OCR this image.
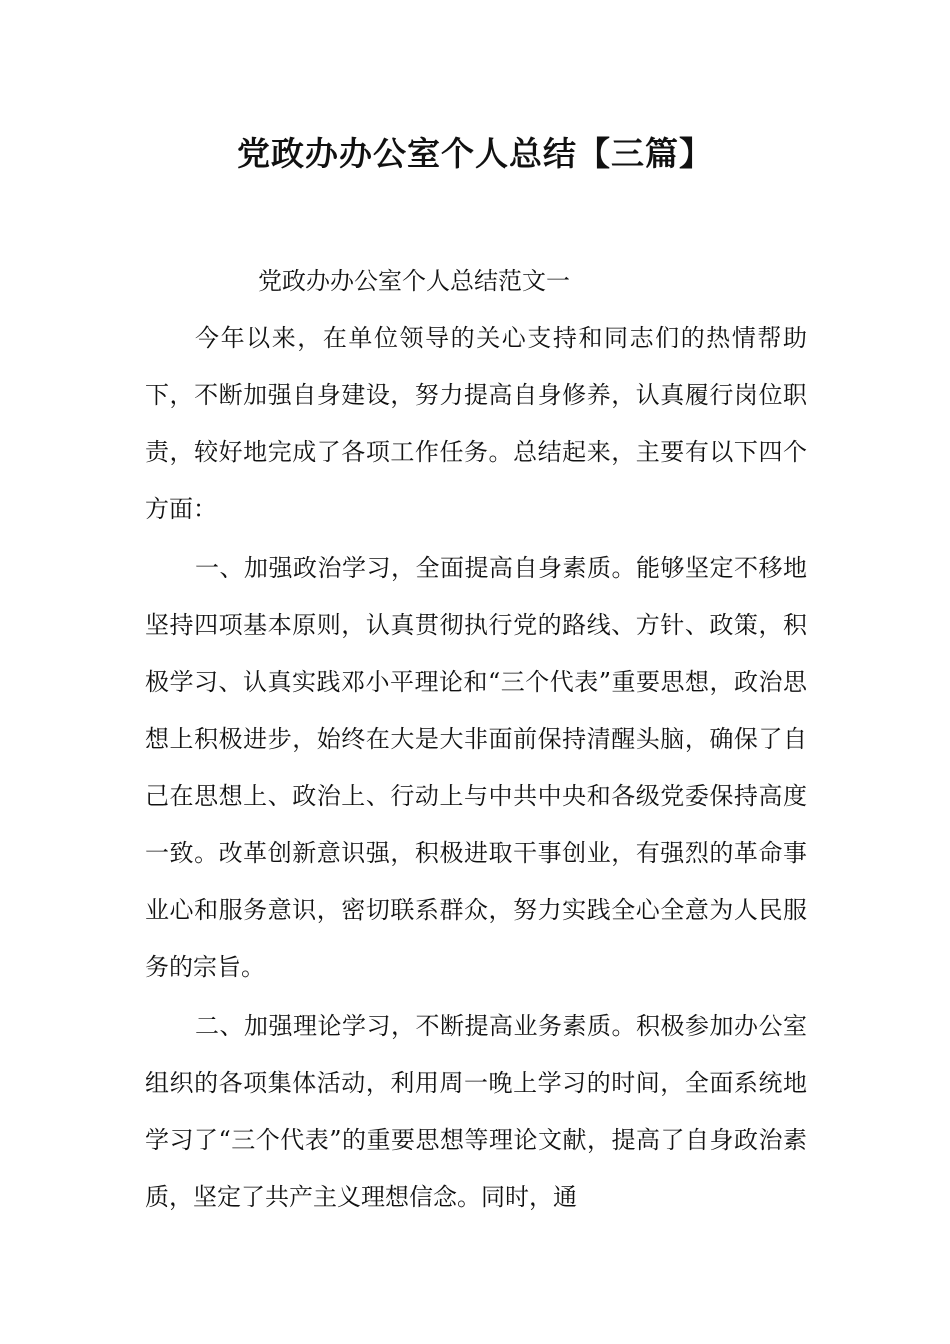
党政办办公室个人总结【三篇】

党政办办公室个人总结范文一

今年以来，在单位领导的关心支持和同志们的热情帮助下，不断加强自身建设，努力提高自身修养，认真履行岗位职责，较好地完成了各项工作任务。总结起来，主要有以下四个方面：

一、加强政治学习，全面提高自身素质。能够坚定不移地坚持四项基本原则，认真贯彻执行党的路线、方针、政策，积极学习、认真实践邓小平理论和“三个代表”重要思想，政治思想上积极进步，始终在大是大非面前保持清醒头脑，确保了自己在思想上、政治上、行动上与中共中央和各级党委保持高度一致。改革创新意识强，积极进取干事创业，有强烈的革命事业心和服务意识，密切联系群众，努力实践全心全意为人民服务的宗旨。

二、加强理论学习，不断提高业务素质。积极参加办公室组织的各项集体活动，利用周一晚上学习的时间，全面系统地学习了“三个代表”的重要思想等理论文献，提高了自身政治素质，坚定了共产主义理想信念。同时，通
